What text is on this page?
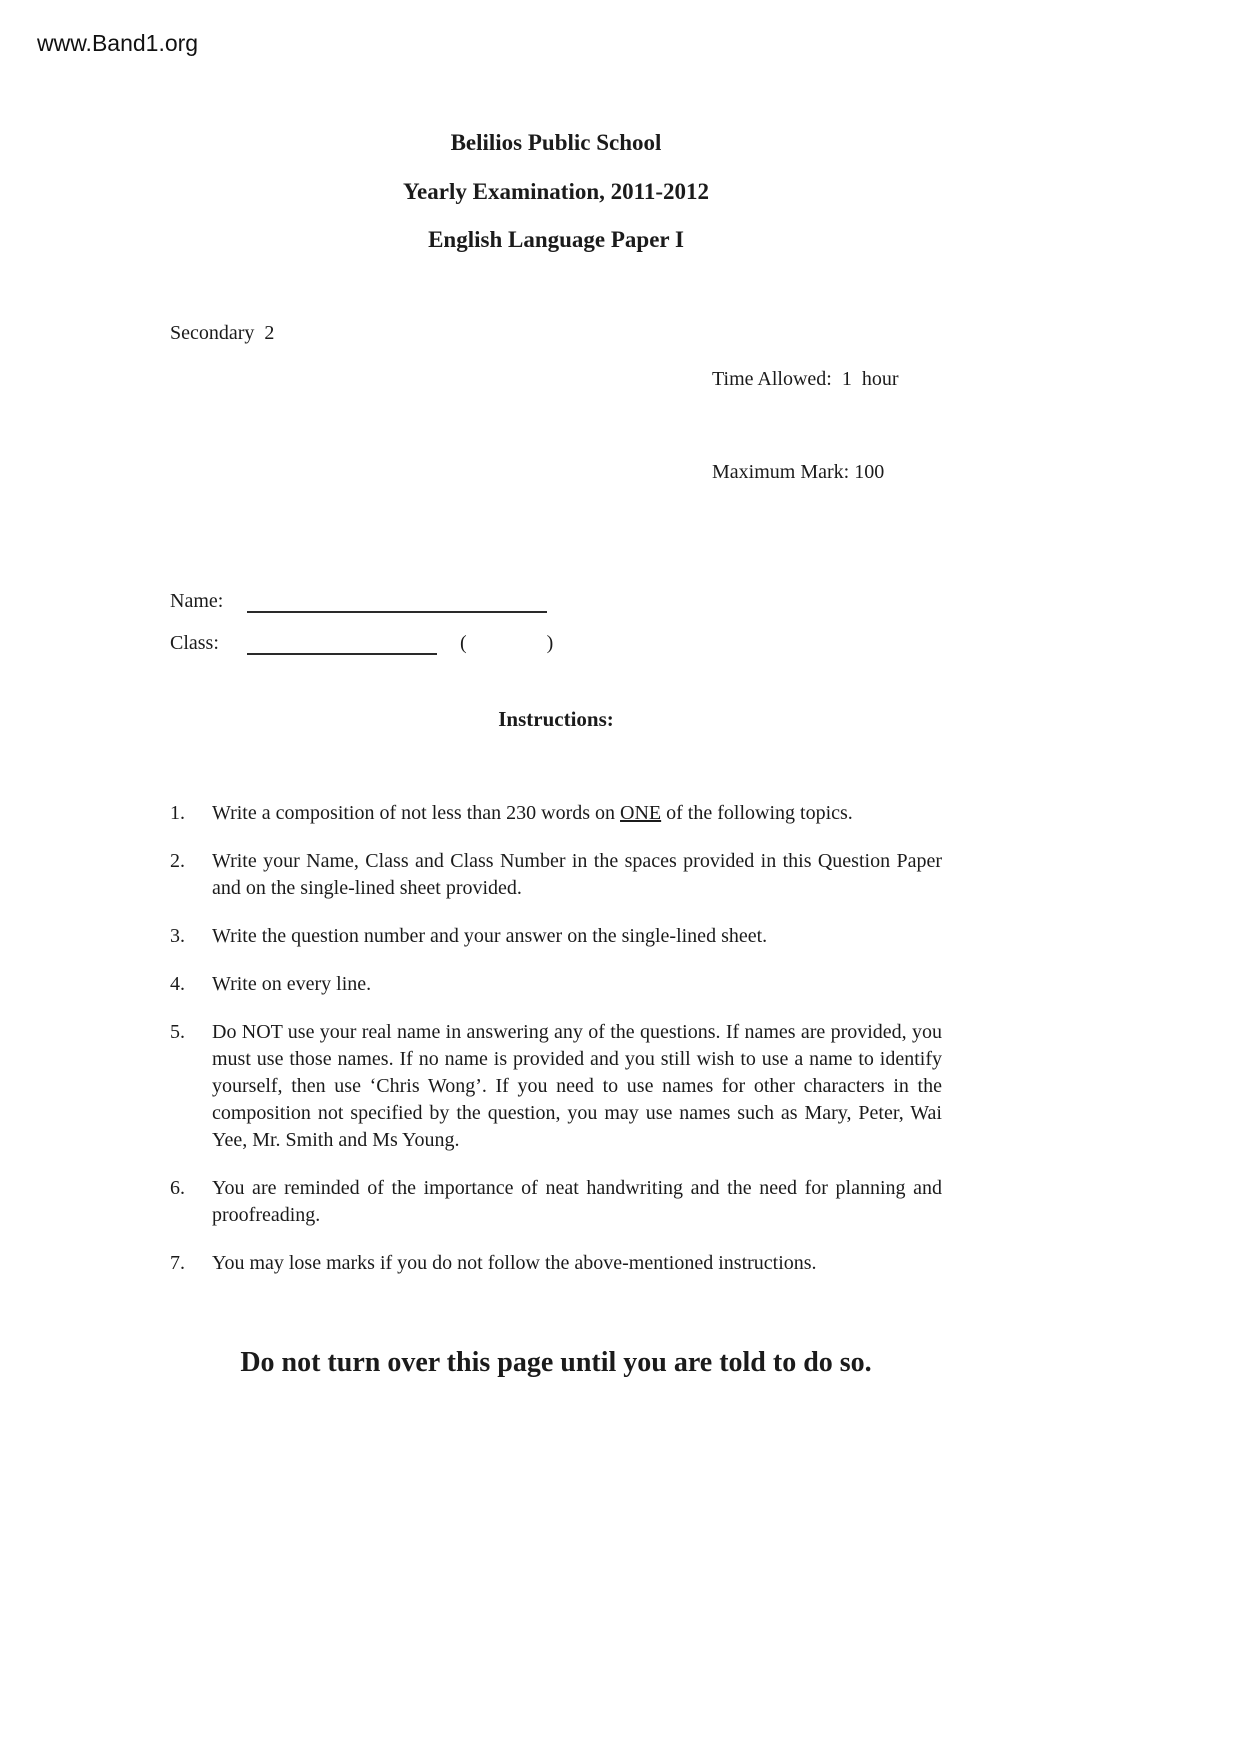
www.Band1.org
Belilios Public School
Yearly Examination, 2011-2012
English Language Paper I
Secondary  2

Time Allowed:  1  hour

Maximum Mark: 100

Name:
Class:	(	)
Instructions:
1.	Write a composition of not less than 230 words on ONE of the following topics.
2.	Write your Name, Class and Class Number in the spaces provided in this Question Paper and on the single-lined sheet provided.
3.	Write the question number and your answer on the single-lined sheet.
4.	Write on every line.
5.	Do NOT use your real name in answering any of the questions. If names are provided, you must use those names. If no name is provided and you still wish to use a name to identify yourself, then use ‘Chris Wong’. If you need to use names for other characters in the composition not specified by the question, you may use names such as Mary, Peter, Wai Yee, Mr. Smith and Ms Young.
6.	You are reminded of the importance of neat handwriting and the need for planning and proofreading.
7.	You may lose marks if you do not follow the above-mentioned instructions.
Do not turn over this page until you are told to do so.
